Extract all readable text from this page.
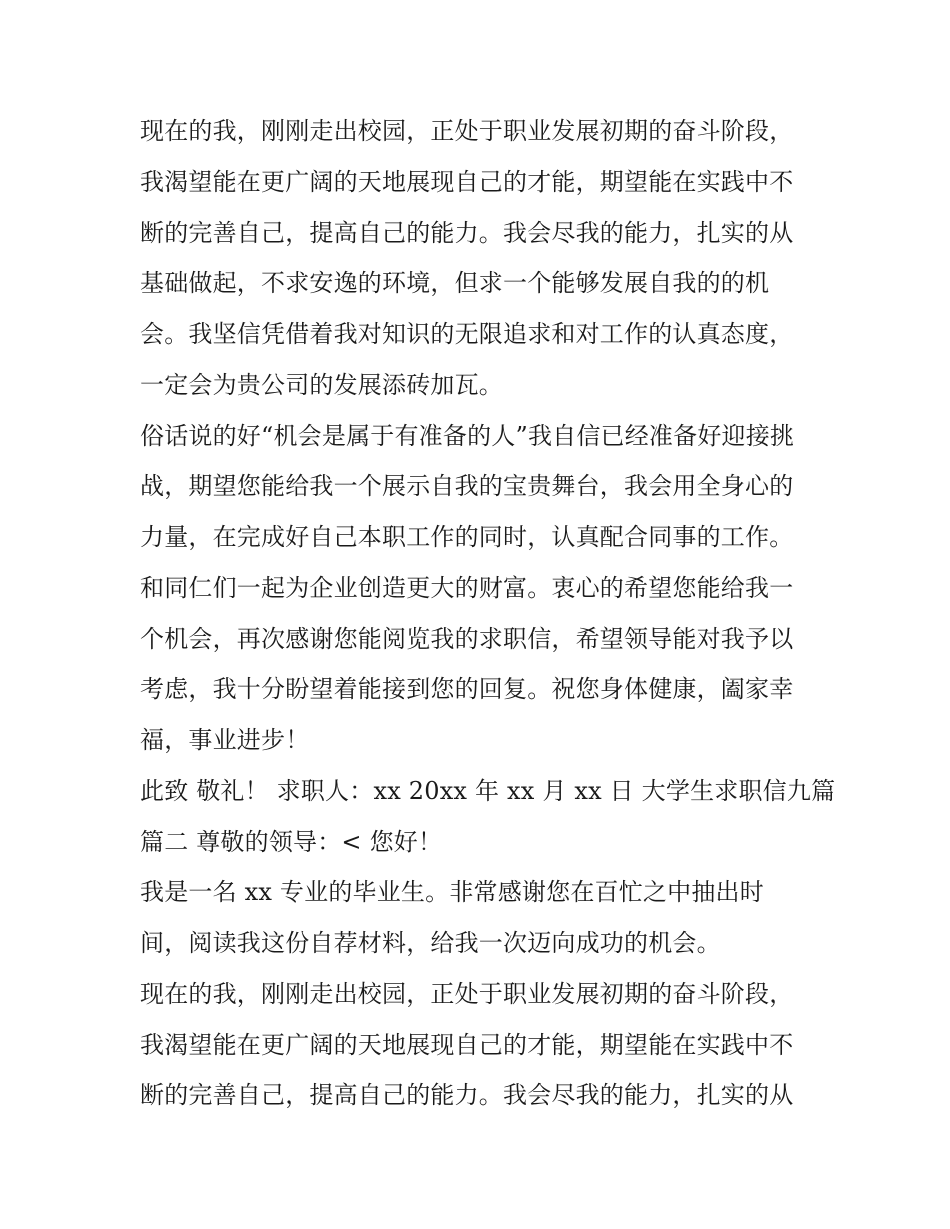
现在的我，刚刚走出校园，正处于职业发展初期的奋斗阶段，
我渴望能在更广阔的天地展现自己的才能，期望能在实践中不
断的完善自己，提高自己的能力。我会尽我的能力，扎实的从
基础做起，不求安逸的环境，但求一个能够发展自我的的机
会。我坚信凭借着我对知识的无限追求和对工作的认真态度，
一定会为贵公司的发展添砖加瓦。
俗话说的好“机会是属于有准备的人”我自信已经准备好迎接挑
战，期望您能给我一个展示自我的宝贵舞台，我会用全身心的
力量，在完成好自己本职工作的同时，认真配合同事的工作。
和同仁们一起为企业创造更大的财富。衷心的希望您能给我一
个机会，再次感谢您能阅览我的求职信，希望领导能对我予以
考虑，我十分盼望着能接到您的回复。祝您身体健康，阖家幸
福，事业进步！
此致 敬礼！ 求职人：xx 20xx 年 xx 月 xx 日 大学生求职信九篇
篇二 尊敬的领导：< 您好！
我是一名 xx 专业的毕业生。非常感谢您在百忙之中抽出时
间，阅读我这份自荐材料，给我一次迈向成功的机会。
现在的我，刚刚走出校园，正处于职业发展初期的奋斗阶段，
我渴望能在更广阔的天地展现自己的才能，期望能在实践中不
断的完善自己，提高自己的能力。我会尽我的能力，扎实的从
